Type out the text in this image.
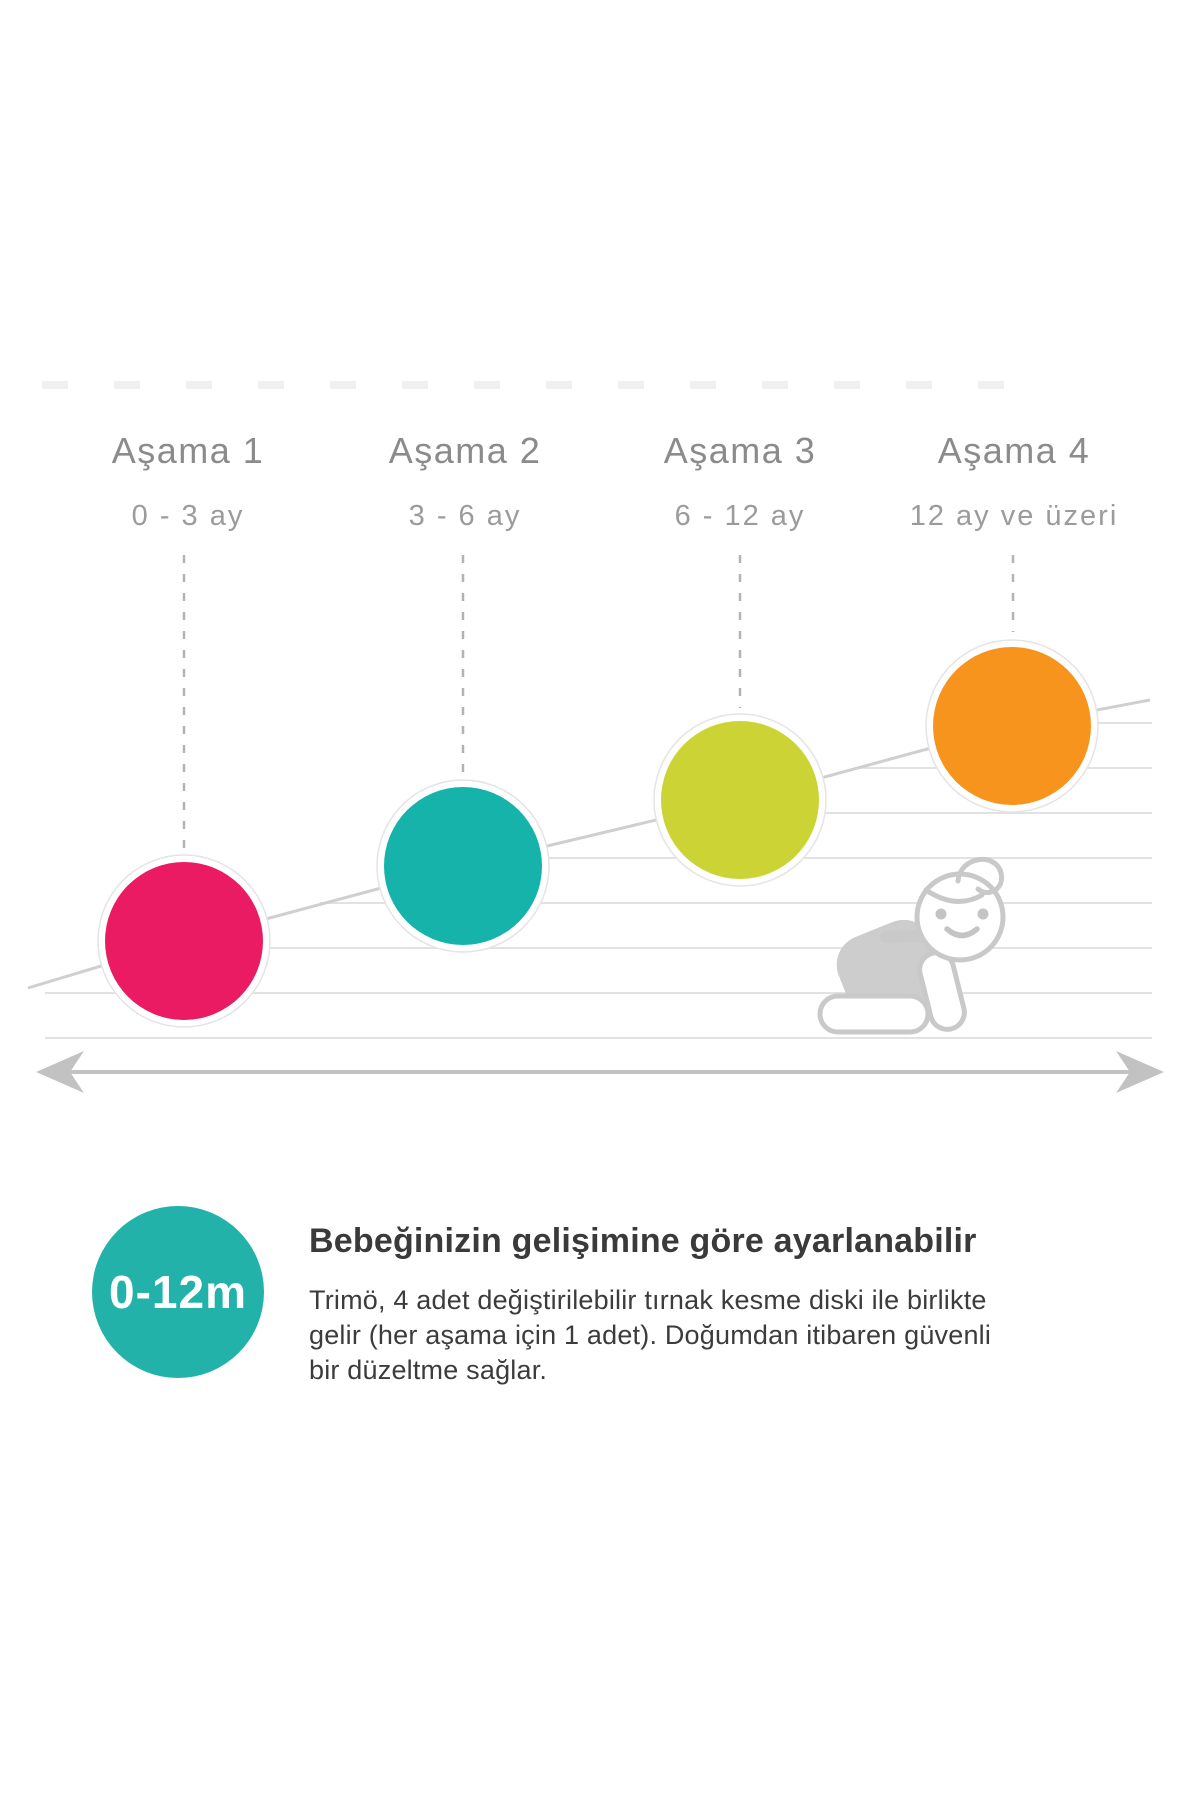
Aşama 1
0 - 3 ay
Aşama 2
3 - 6 ay
Aşama 3
6 - 12 ay
Aşama 4
12 ay ve üzeri
0-12m
Bebeğinizin gelişimine göre ayarlanabilir
Trimö, 4 adet değiştirilebilir tırnak kesme diski ile birlikte
gelir (her aşama için 1 adet). Doğumdan itibaren güvenli
bir düzeltme sağlar.
